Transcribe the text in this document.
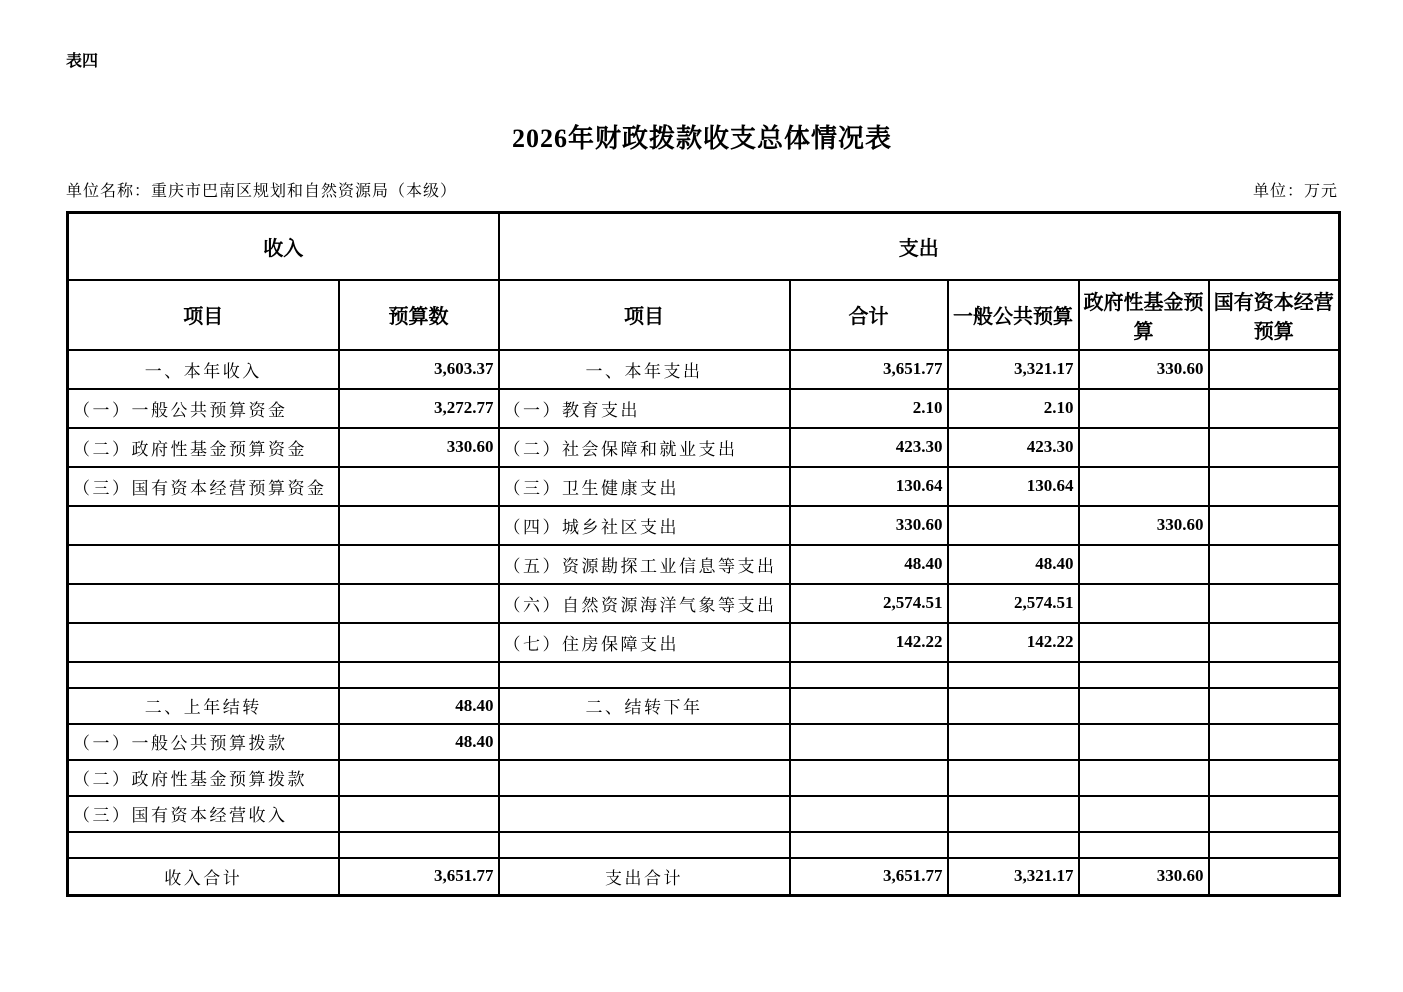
表四
2026年财政拨款收支总体情况表
单位名称：重庆市巴南区规划和自然资源局（本级）	单位：万元
收入		支出				
项目	预算数	项目	合计	一般公共预算	政府性基金预算	国有资本经营预算
一、本年收入	3,603.37	一、本年支出	3,651.77	3,321.17	330.60	
（一）一般公共预算资金	3,272.77	（一）教育支出	2.10	2.10		
（二）政府性基金预算资金	330.60	（二）社会保障和就业支出	423.30	423.30		
（三）国有资本经营预算资金		（三）卫生健康支出	130.64	130.64		
		（四）城乡社区支出	330.60		330.60	
		（五）资源勘探工业信息等支出	48.40	48.40		
		（六）自然资源海洋气象等支出	2,574.51	2,574.51		
		（七）住房保障支出	142.22	142.22		

二、上年结转	48.40	二、结转下年				
（一）一般公共预算拨款	48.40					
（二）政府性基金预算拨款						
（三）国有资本经营收入						

收入合计	3,651.77	支出合计	3,651.77	3,321.17	330.60	
